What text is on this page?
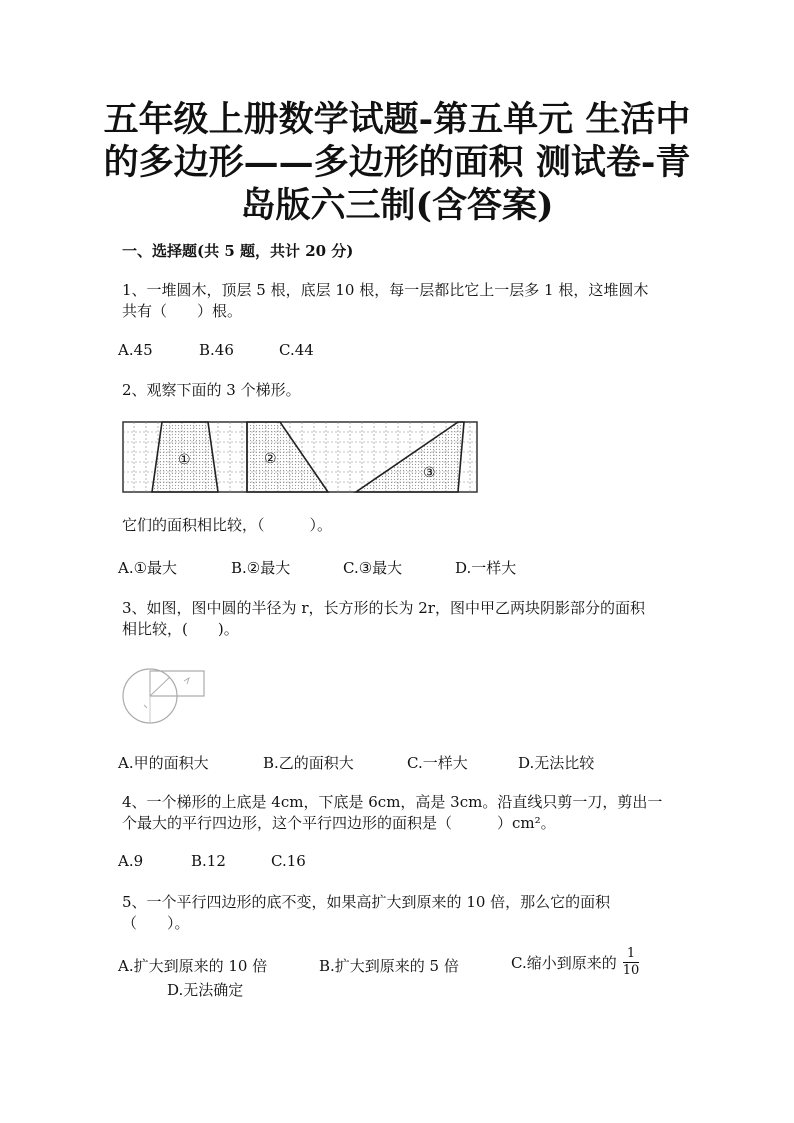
五年级上册数学试题-第五单元 生活中
的多边形——多边形的面积 测试卷-青
岛版六三制(含答案)
一、选择题(共 5 题，共计 20 分)
1、一堆圆木，顶层 5 根，底层 10 根，每一层都比它上一层多 1 根，这堆圆木
共有（　　）根。
A.45	B.46	C.44
2、观察下面的 3 个梯形。
①	②
③
它们的面积相比较，（　　　）。
A.①最大	B.②最大	C.③最大	D.一样大
3、如图，图中圆的半径为 r，长方形的长为 2r，图中甲乙两块阴影部分的面积
相比较，(　　)。
A.甲的面积大	B.乙的面积大	C.一样大	D.无法比较
4、一个梯形的上底是 4cm，下底是 6cm，高是 3cm。沿直线只剪一刀，剪出一
个最大的平行四边形，这个平行四边形的面积是（　　　）cm²。
A.9	B.12	C.16
5、一个平行四边形的底不变，如果高扩大到原来的 10 倍，那么它的面积
（　　）。
A.扩大到原来的 10 倍	B.扩大到原来的 5 倍	C.缩小到原来的 $\frac{1}{10}$
D.无法确定
